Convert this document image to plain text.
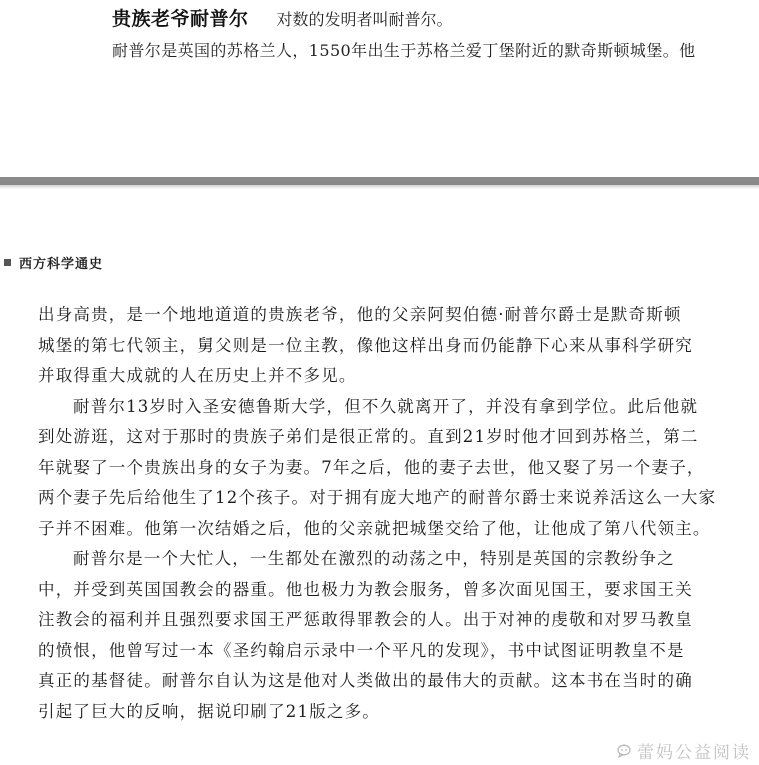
贵族老爷耐普尔 对数的发明者叫耐普尔。
耐普尔是英国的苏格兰人，1550年出生于苏格兰爱丁堡附近的默奇斯顿城堡。他
西方科学通史
出身高贵，是一个地地道道的贵族老爷，他的父亲阿契伯德·耐普尔爵士是默奇斯顿
城堡的第七代领主，舅父则是一位主教，像他这样出身而仍能静下心来从事科学研究
并取得重大成就的人在历史上并不多见。
耐普尔13岁时入圣安德鲁斯大学，但不久就离开了，并没有拿到学位。此后他就
到处游逛，这对于那时的贵族子弟们是很正常的。直到21岁时他才回到苏格兰，第二
年就娶了一个贵族出身的女子为妻。7年之后，他的妻子去世，他又娶了另一个妻子，
两个妻子先后给他生了12个孩子。对于拥有庞大地产的耐普尔爵士来说养活这么一大家
子并不困难。他第一次结婚之后，他的父亲就把城堡交给了他，让他成了第八代领主。
耐普尔是一个大忙人，一生都处在激烈的动荡之中，特别是英国的宗教纷争之
中，并受到英国国教会的器重。他也极力为教会服务，曾多次面见国王，要求国王关
注教会的福利并且强烈要求国王严惩敢得罪教会的人。出于对神的虔敬和对罗马教皇
的愤恨，他曾写过一本《圣约翰启示录中一个平凡的发现》，书中试图证明教皇不是
真正的基督徒。耐普尔自认为这是他对人类做出的最伟大的贡献。这本书在当时的确
引起了巨大的反响，据说印刷了21版之多。
蕾妈公益阅读
